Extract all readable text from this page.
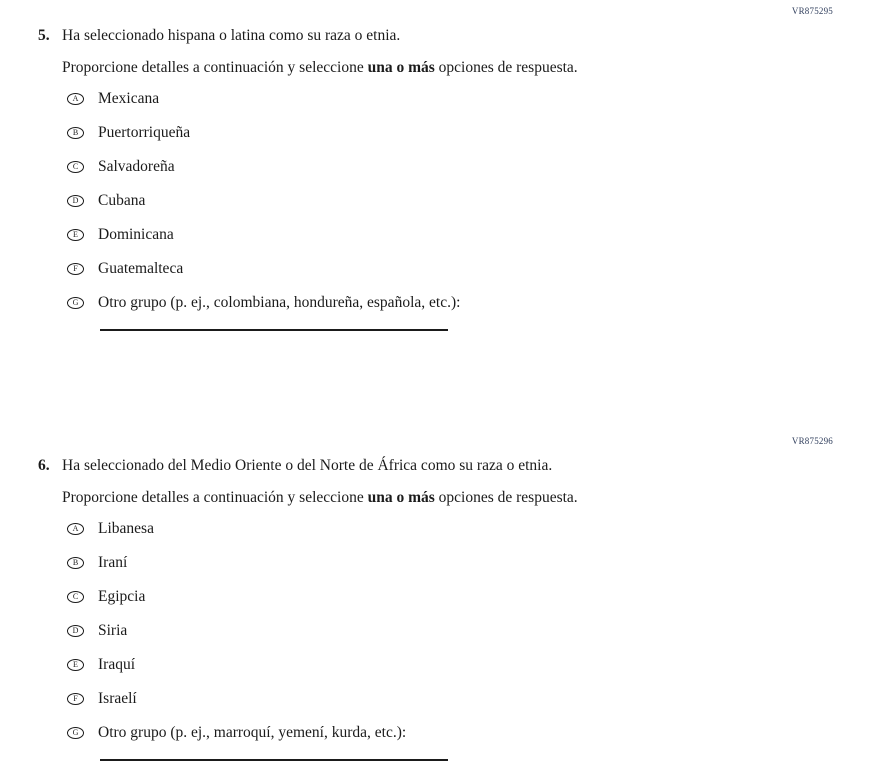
VR875295
5. Ha seleccionado hispana o latina como su raza o etnia.
Proporcione detalles a continuación y seleccione una o más opciones de respuesta.
A Mexicana
B Puertorriqueña
C Salvadoreña
D Cubana
E Dominicana
F Guatemalteca
G Otro grupo (p. ej., colombiana, hondureña, española, etc.):
VR875296
6. Ha seleccionado del Medio Oriente o del Norte de África como su raza o etnia.
Proporcione detalles a continuación y seleccione una o más opciones de respuesta.
A Libanesa
B Iraní
C Egipcia
D Siria
E Iraquí
F Israelí
G Otro grupo (p. ej., marroquí, yemení, kurda, etc.):
